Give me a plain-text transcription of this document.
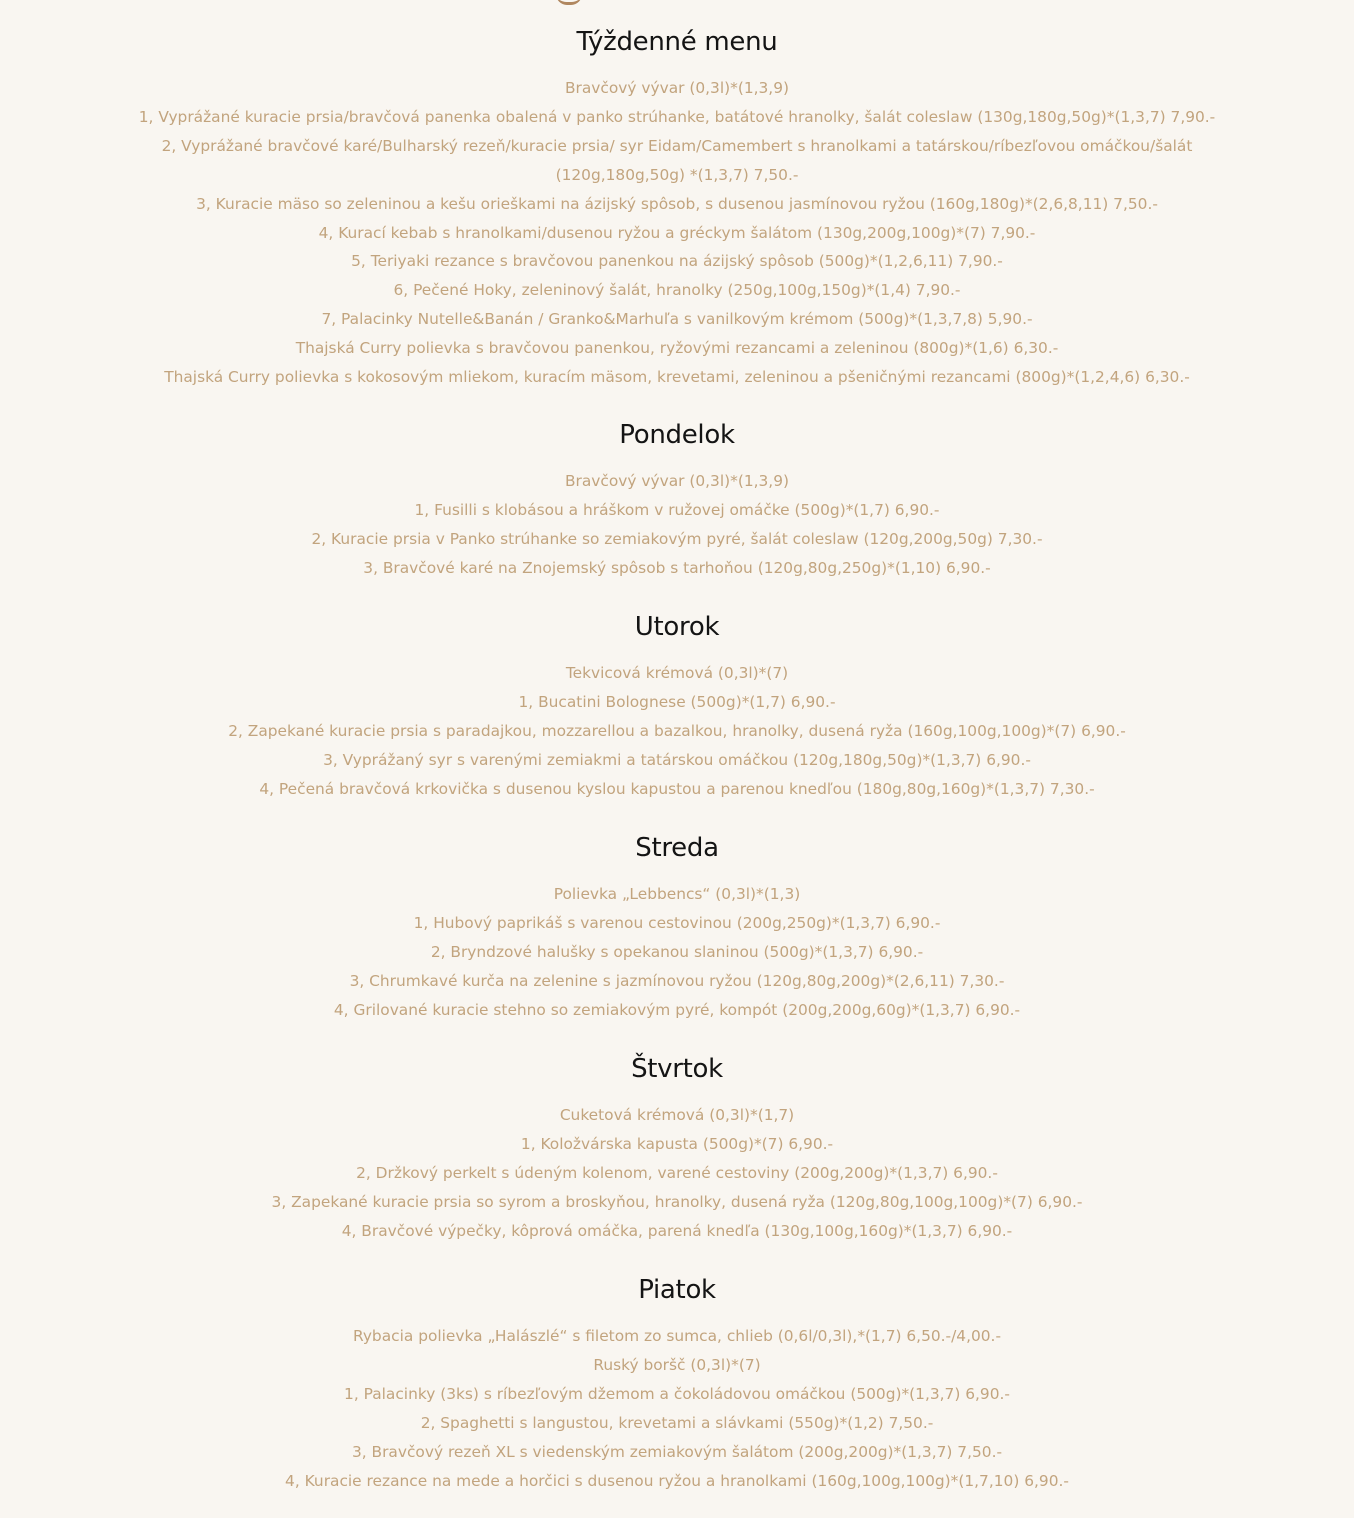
Týždenné menu
Bravčový vývar (0,3l)*(1,3,9)
1, Vyprážané kuracie prsia/bravčová panenka obalená v panko strúhanke, batátové hranolky, šalát coleslaw (130g,180g,50g)*(1,3,7) 7,90.-
2, Vyprážané bravčové karé/Bulharský rezeň/kuracie prsia/ syr Eidam/Camembert s hranolkami a tatárskou/ríbezľovou omáčkou/šalát (120g,180g,50g) *(1,3,7) 7,50.-
3, Kuracie mäso so zeleninou a kešu orieškami na ázijský spôsob, s dusenou jasmínovou ryžou (160g,180g)*(2,6,8,11) 7,50.-
4, Kurací kebab s hranolkami/dusenou ryžou a gréckym šalátom (130g,200g,100g)*(7) 7,90.-
5, Teriyaki rezance s bravčovou panenkou na ázijský spôsob (500g)*(1,2,6,11) 7,90.-
6, Pečené Hoky, zeleninový šalát, hranolky (250g,100g,150g)*(1,4) 7,90.-
7, Palacinky Nutelle&Banán / Granko&Marhuľa s vanilkovým krémom (500g)*(1,3,7,8) 5,90.-
Thajská Curry polievka s bravčovou panenkou, ryžovými rezancami a zeleninou (800g)*(1,6) 6,30.-
Thajská Curry polievka s kokosovým mliekom, kuracím mäsom, krevetami, zeleninou a pšeničnými rezancami (800g)*(1,2,4,6) 6,30.-
Pondelok
Bravčový vývar (0,3l)*(1,3,9)
1, Fusilli s klobásou a hráškom v ružovej omáčke (500g)*(1,7) 6,90.-
2, Kuracie prsia v Panko strúhanke so zemiakovým pyré, šalát coleslaw (120g,200g,50g) 7,30.-
3, Bravčové karé na Znojemský spôsob s tarhoňou (120g,80g,250g)*(1,10) 6,90.-
Utorok
Tekvicová krémová (0,3l)*(7)
1, Bucatini Bolognese (500g)*(1,7) 6,90.-
2, Zapekané kuracie prsia s paradajkou, mozzarellou a bazalkou, hranolky, dusená ryža (160g,100g,100g)*(7) 6,90.-
3, Vyprážaný syr s varenými zemiakmi a tatárskou omáčkou (120g,180g,50g)*(1,3,7) 6,90.-
4, Pečená bravčová krkovička s dusenou kyslou kapustou a parenou knedľou (180g,80g,160g)*(1,3,7) 7,30.-
Streda
Polievka „Lebbencs“ (0,3l)*(1,3)
1, Hubový paprikáš s varenou cestovinou (200g,250g)*(1,3,7) 6,90.-
2, Bryndzové halušky s opekanou slaninou (500g)*(1,3,7) 6,90.-
3, Chrumkavé kurča na zelenine s jazmínovou ryžou (120g,80g,200g)*(2,6,11) 7,30.-
4, Grilované kuracie stehno so zemiakovým pyré, kompót (200g,200g,60g)*(1,3,7) 6,90.-
Štvrtok
Cuketová krémová (0,3l)*(1,7)
1, Koložvárska kapusta (500g)*(7) 6,90.-
2, Držkový perkelt s údeným kolenom, varené cestoviny (200g,200g)*(1,3,7) 6,90.-
3, Zapekané kuracie prsia so syrom a broskyňou, hranolky, dusená ryža (120g,80g,100g,100g)*(7) 6,90.-
4, Bravčové výpečky, kôprová omáčka, parená knedľa (130g,100g,160g)*(1,3,7) 6,90.-
Piatok
Rybacia polievka „Halászlé“ s filetom zo sumca, chlieb (0,6l/0,3l),*(1,7) 6,50.-/4,00.-
Ruský boršč (0,3l)*(7)
1, Palacinky (3ks) s ríbezľovým džemom a čokoládovou omáčkou (500g)*(1,3,7) 6,90.-
2, Spaghetti s langustou, krevetami a slávkami (550g)*(1,2) 7,50.-
3, Bravčový rezeň XL s viedenským zemiakovým šalátom (200g,200g)*(1,3,7) 7,50.-
4, Kuracie rezance na mede a horčici s dusenou ryžou a hranolkami (160g,100g,100g)*(1,7,10) 6,90.-
